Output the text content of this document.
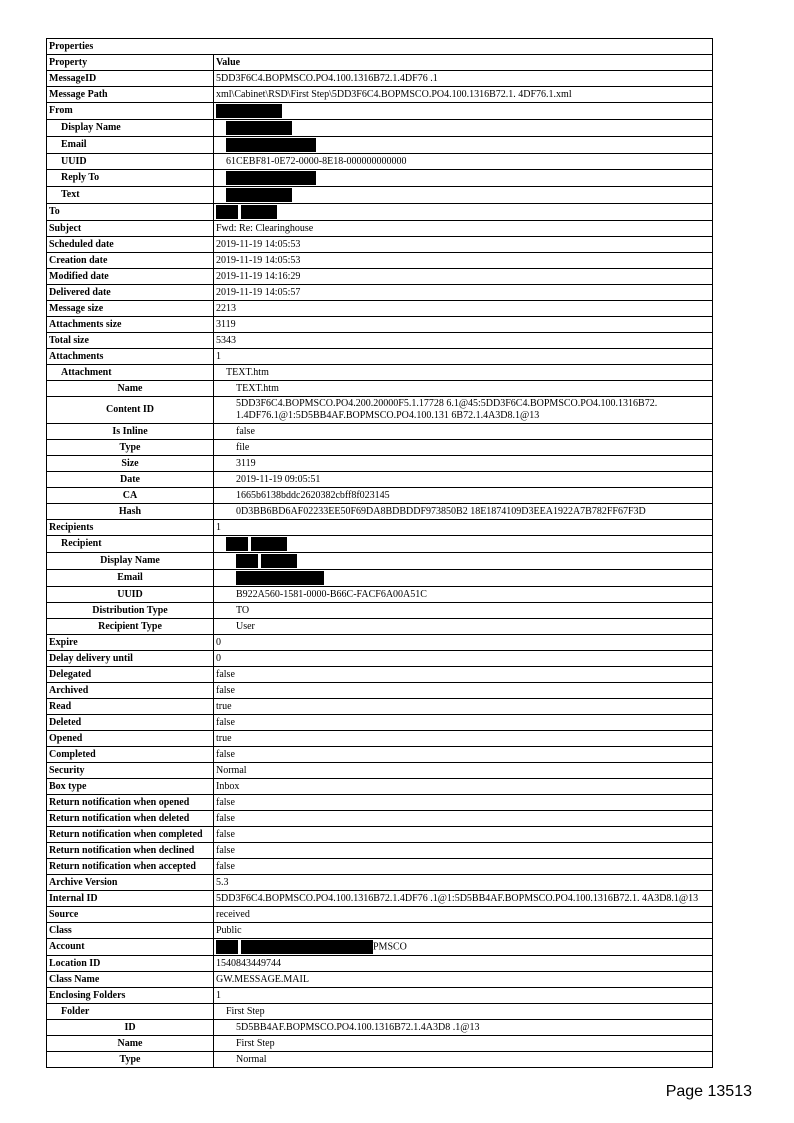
Properties	
Property	Value
MessageID	5DD3F6C4.BOPMSCO.PO4.100.1316B72.1.4DF76 .1
Message Path	xml\Cabinet\RSD\First Step\5DD3F6C4.BOPMSCO.PO4.100.1316B72.1. 4DF76.1.xml
From	
Display Name	
Email	
UUID	61CEBF81-0E72-0000-8E18-000000000000
Reply To	
Text	
To	
Subject	Fwd: Re: Clearinghouse
Scheduled date	2019-11-19 14:05:53
Creation date	2019-11-19 14:05:53
Modified date	2019-11-19 14:16:29
Delivered date	2019-11-19 14:05:57
Message size	2213
Attachments size	3119
Total size	5343
Attachments	1
Attachment	TEXT.htm
Name	TEXT.htm
Content ID	5DD3F6C4.BOPMSCO.PO4.200.20000F5.1.17728 6.1@45:5DD3F6C4.BOPMSCO.PO4.100.1316B72. 1.4DF76.1@1:5D5BB4AF.BOPMSCO.PO4.100.131 6B72.1.4A3D8.1@13
Is Inline	false
Type	file
Size	3119
Date	2019-11-19 09:05:51
CA	1665b6138bddc2620382cbff8f023145
Hash	0D3BB6BD6AF02233EE50F69DA8BDBDDF973850B2 18E1874109D3EEA1922A7B782FF67F3D
Recipients	1
Recipient	
Display Name	
Email	
UUID	B922A560-1581-0000-B66C-FACF6A00A51C
Distribution Type	TO
Recipient Type	User
Expire	0
Delay delivery until	0
Delegated	false
Archived	false
Read	true
Deleted	false
Opened	true
Completed	false
Security	Normal
Box type	Inbox
Return notification when opened	false
Return notification when deleted	false
Return notification when completed	false
Return notification when declined	false
Return notification when accepted	false
Archive Version	5.3
Internal ID	5DD3F6C4.BOPMSCO.PO4.100.1316B72.1.4DF76 .1@1:5D5BB4AF.BOPMSCO.PO4.100.1316B72.1. 4A3D8.1@13
Source	received
Class	Public
Account	PMSCO
Location ID	1540843449744
Class Name	GW.MESSAGE.MAIL
Enclosing Folders	1
Folder	First Step
ID	5D5BB4AF.BOPMSCO.PO4.100.1316B72.1.4A3D8 .1@13
Name	First Step
Type	Normal
Page 13513
